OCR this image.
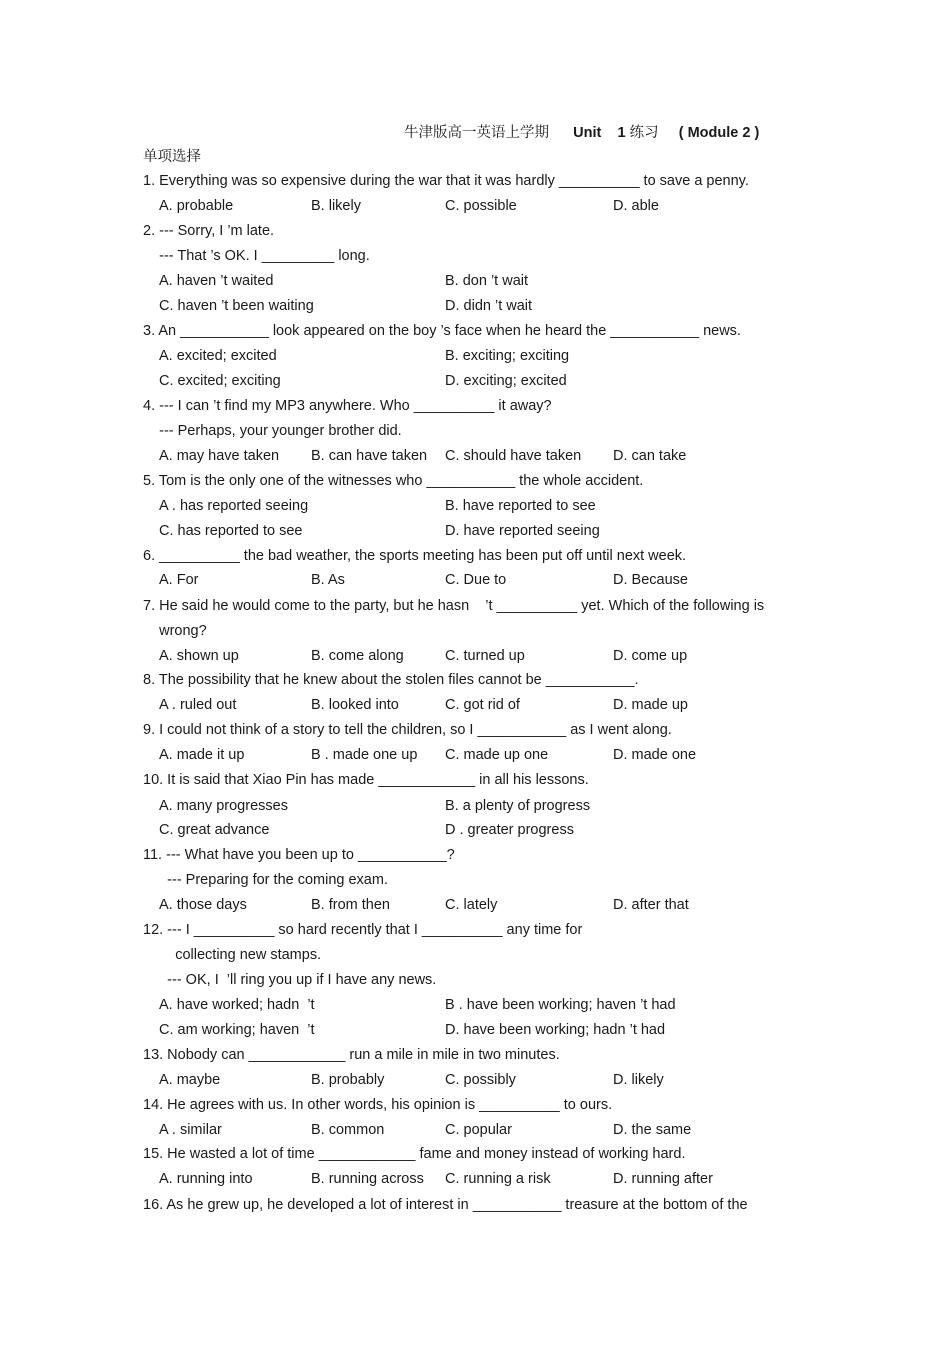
牛津版高一英语上学期 Unit 1 练习 ( Module 2 )
单项选择
1. Everything was so expensive during the war that it was hardly __________ to save a penny.
A. probable	B. likely	C. possible	D. able
2. --- Sorry, I ’m late.
--- That ’s OK. I _________ long.
A. haven ’t waited	B. don ’t wait
C. haven ’t been waiting	D. didn ’t wait
3. An ___________ look appeared on the boy ’s face when he heard the ___________ news.
A. excited; excited	B. exciting; exciting
C. excited; exciting	D. exciting; excited
4. --- I can ’t find my MP3 anywhere. Who __________ it away?
--- Perhaps, your younger brother did.
A. may have taken B. can have taken C. should have taken D. can take
5. Tom is the only one of the witnesses who ___________ the whole accident.
A . has reported seeing	B. have reported to see
C. has reported to see	D. have reported seeing
6. __________ the bad weather, the sports meeting has been put off until next week.
A. For	B. As	C. Due to	D. Because
7. He said he would come to the party, but he hasn    ’t __________ yet. Which of the following is
wrong?
A. shown up	B. come along	C. turned up	D. come up
8. The possibility that he knew about the stolen files cannot be ___________.
A . ruled out	B. looked into	C. got rid of	D. made up
9. I could not think of a story to tell the children, so I ___________ as I went along.
A. made it up	B . made one up C. made up one	D. made one
10. It is said that Xiao Pin has made ____________ in all his lessons.
A. many progresses	B. a plenty of progress
C. great advance	D . greater progress
11. --- What have you been up to ___________?
--- Preparing for the coming exam.
A. those days	B. from then	C. lately	D. after that
12. --- I __________ so hard recently that I __________ any time for
collecting new stamps.
--- OK, I  ’ll ring you up if I have any news.
A. have worked; hadn  ’t	B . have been working; haven ’t had
C. am working; haven  ’t	D. have been working; hadn ’t had
13. Nobody can ____________ run a mile in mile in two minutes.
A. maybe	B. probably	C. possibly	D. likely
14. He agrees with us. In other words, his opinion is __________ to ours.
A . similar	B. common	C. popular	D. the same
15. He wasted a lot of time ____________ fame and money instead of working hard.
A. running into	B. running across C. running a risk	D. running after
16. As he grew up, he developed a lot of interest in ___________ treasure at the bottom of the
